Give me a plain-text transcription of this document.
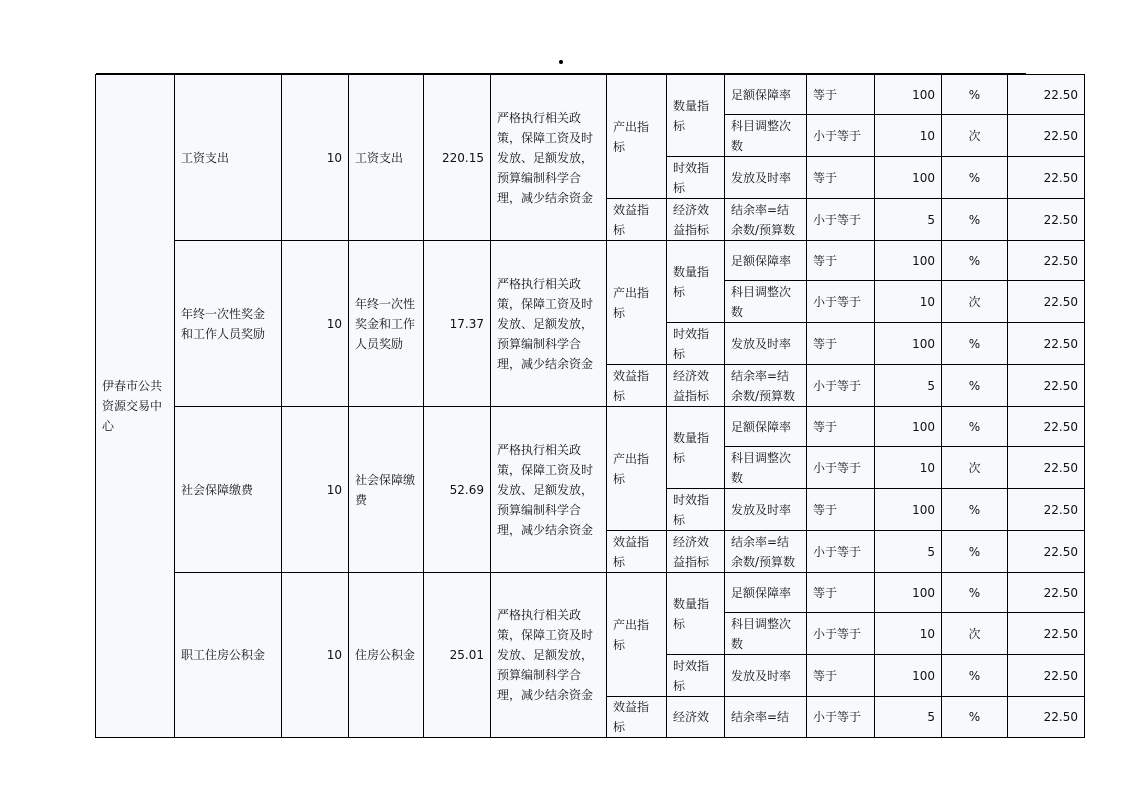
伊春市公共资源交易中心	工资支出	10	工资支出	220.15	严格执行相关政策，保障工资及时发放、足额发放，预算编制科学合理，减少结余资金	产出指标	数量指标	足额保障率	等于	100	%	22.50
								科目调整次数	小于等于	10	次	22.50
							时效指标	发放及时率	等于	100	%	22.50
						效益指标	经济效益指标	结余率=结余数/预算数	小于等于	5	%	22.50
	年终一次性奖金和工作人员奖励	10	年终一次性奖金和工作人员奖励	17.37	严格执行相关政策，保障工资及时发放、足额发放，预算编制科学合理，减少结余资金	产出指标	数量指标	足额保障率	等于	100	%	22.50
								科目调整次数	小于等于	10	次	22.50
							时效指标	发放及时率	等于	100	%	22.50
						效益指标	经济效益指标	结余率=结余数/预算数	小于等于	5	%	22.50
	社会保障缴费	10	社会保障缴费	52.69	严格执行相关政策，保障工资及时发放、足额发放，预算编制科学合理，减少结余资金	产出指标	数量指标	足额保障率	等于	100	%	22.50
								科目调整次数	小于等于	10	次	22.50
							时效指标	发放及时率	等于	100	%	22.50
						效益指标	经济效益指标	结余率=结余数/预算数	小于等于	5	%	22.50
	职工住房公积金	10	住房公积金	25.01	严格执行相关政策，保障工资及时发放、足额发放，预算编制科学合理，减少结余资金	产出指标	数量指标	足额保障率	等于	100	%	22.50
								科目调整次数	小于等于	10	次	22.50
							时效指标	发放及时率	等于	100	%	22.50
						效益指标	经济效	结余率=结	小于等于	5	%	22.50
